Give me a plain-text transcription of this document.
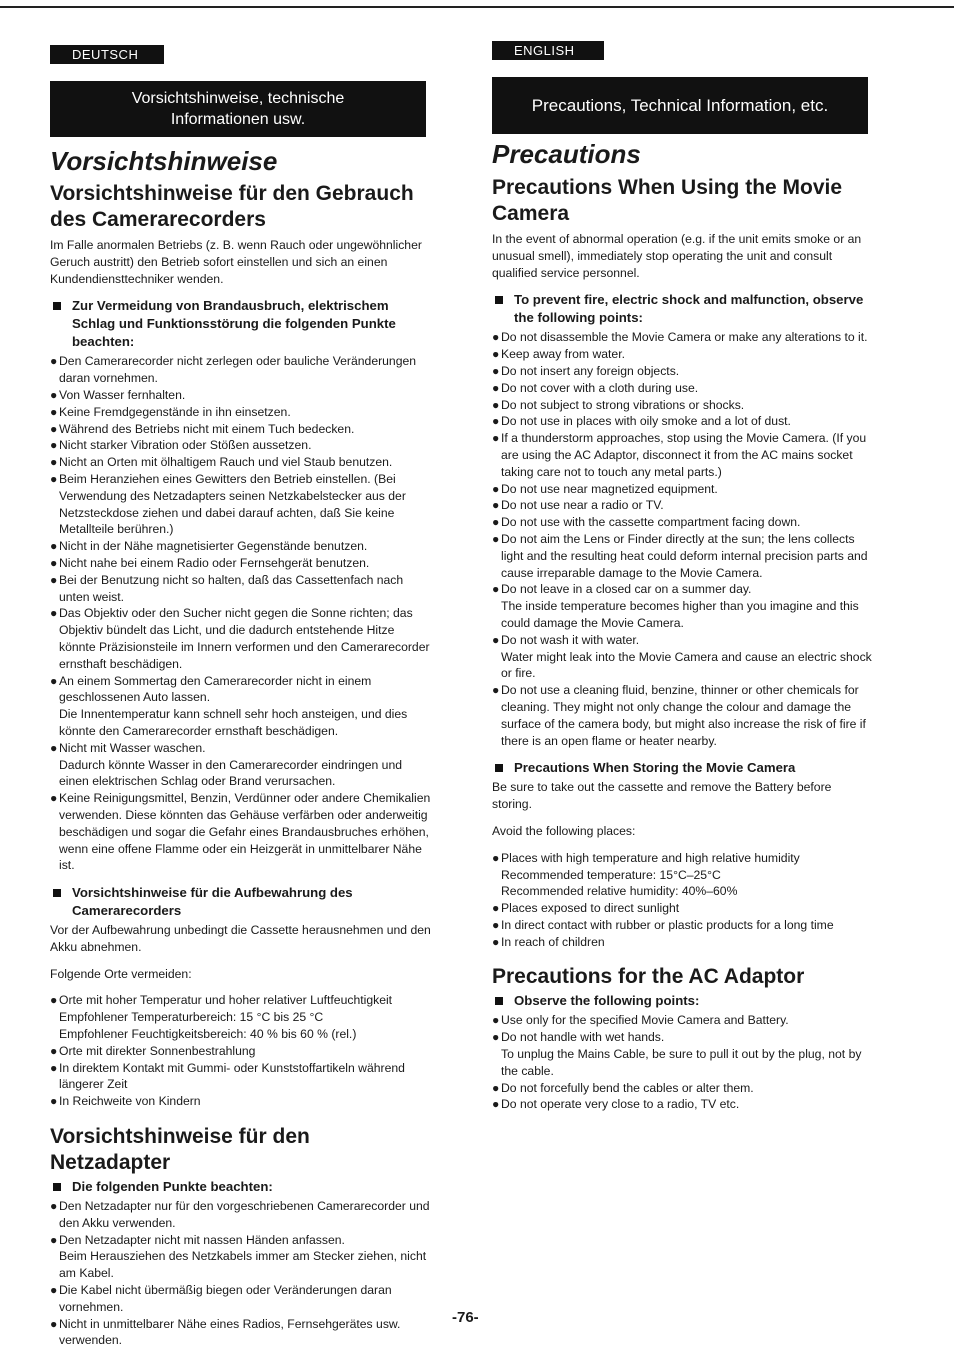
DEUTSCH
Vorsichtshinweise, technische
Informationen usw.
Vorsichtshinweise
Vorsichtshinweise für den Gebrauch des Camerarecorders

Im Falle anormalen Betriebs (z. B. wenn Rauch oder ungewöhnlicher Geruch austritt) den Betrieb sofort einstellen und sich an einen Kundendiensttechniker wenden.

Zur Vermeidung von Brandausbruch, elektrischem Schlag und Funktionsstörung die folgenden Punkte beachten:
● Den Camerarecorder nicht zerlegen oder bauliche Veränderungen daran vornehmen.
● Von Wasser fernhalten.
● Keine Fremdgegenstände in ihn einsetzen.
● Während des Betriebs nicht mit einem Tuch bedecken.
● Nicht starker Vibration oder Stößen aussetzen.
● Nicht an Orten mit ölhaltigem Rauch und viel Staub benutzen.
● Beim Heranziehen eines Gewitters den Betrieb einstellen. (Bei Verwendung des Netzadapters seinen Netzkabelstecker aus der Netzsteckdose ziehen und dabei darauf achten, daß Sie keine Metallteile berühren.)
● Nicht in der Nähe magnetisierter Gegenstände benutzen.
● Nicht nahe bei einem Radio oder Fernsehgerät benutzen.
● Bei der Benutzung nicht so halten, daß das Cassettenfach nach unten weist.
● Das Objektiv oder den Sucher nicht gegen die Sonne richten; das Objektiv bündelt das Licht, und die dadurch entstehende Hitze könnte Präzisionsteile im Innern verformen und den Camerarecorder ernsthaft beschädigen.
● An einem Sommertag den Camerarecorder nicht in einem geschlossenen Auto lassen.
Die Innentemperatur kann schnell sehr hoch ansteigen, und dies könnte den Camerarecorder ernsthaft beschädigen.
● Nicht mit Wasser waschen.
Dadurch könnte Wasser in den Camerarecorder eindringen und einen elektrischen Schlag oder Brand verursachen.
● Keine Reinigungsmittel, Benzin, Verdünner oder andere Chemikalien verwenden. Diese könnten das Gehäuse verfärben oder anderweitig beschädigen und sogar die Gefahr eines Brandausbruches erhöhen, wenn eine offene Flamme oder ein Heizgerät in unmittelbarer Nähe ist.
Vorsichtshinweise für die Aufbewahrung des Camerarecorders

Vor der Aufbewahrung unbedingt die Cassette herausnehmen und den Akku abnehmen.

Folgende Orte vermeiden:

● Orte mit hoher Temperatur und hoher relativer Luftfeuchtigkeit
Empfohlener Temperaturbereich: 15 °C bis 25 °C
Empfohlener Feuchtigkeitsbereich: 40 % bis 60 % (rel.)
● Orte mit direkter Sonnenbestrahlung
● In direktem Kontakt mit Gummi- oder Kunststoffartikeln während längerer Zeit
● In Reichweite von Kindern
Vorsichtshinweise für den Netzadapter
Die folgenden Punkte beachten:
● Den Netzadapter nur für den vorgeschriebenen Camerarecorder und den Akku verwenden.
● Den Netzadapter nicht mit nassen Händen anfassen.
Beim Herausziehen des Netzkabels immer am Stecker ziehen, nicht am Kabel.
● Die Kabel nicht übermäßig biegen oder Veränderungen daran vornehmen.
● Nicht in unmittelbarer Nähe eines Radios, Fernsehgerätes usw. verwenden.
ENGLISH
Precautions, Technical Information, etc.
Precautions
Precautions When Using the Movie Camera

In the event of abnormal operation (e.g. if the unit emits smoke or an unusual smell), immediately stop operating the unit and consult qualified service personnel.

To prevent fire, electric shock and malfunction, observe the following points:
● Do not disassemble the Movie Camera or make any alterations to it.
● Keep away from water.
● Do not insert any foreign objects.
● Do not cover with a cloth during use.
● Do not subject to strong vibrations or shocks.
● Do not use in places with oily smoke and a lot of dust.
● If a thunderstorm approaches, stop using the Movie Camera. (If you are using the AC Adaptor, disconnect it from the AC mains socket taking care not to touch any metal parts.)
● Do not use near magnetized equipment.
● Do not use near a radio or TV.
● Do not use with the cassette compartment facing down.
● Do not aim the Lens or Finder directly at the sun; the lens collects light and the resulting heat could deform internal precision parts and cause irreparable damage to the Movie Camera.
● Do not leave in a closed car on a summer day.
The inside temperature becomes higher than you imagine and this could damage the Movie Camera.
● Do not wash it with water.
Water might leak into the Movie Camera and cause an electric shock or fire.
● Do not use a cleaning fluid, benzine, thinner or other chemicals for cleaning. They might not only change the colour and damage the surface of the camera body, but might also increase the risk of fire if there is an open flame or heater nearby.
Precautions When Storing the Movie Camera

Be sure to take out the cassette and remove the Battery before storing.

Avoid the following places:

● Places with high temperature and high relative humidity
Recommended temperature: 15°C–25°C
Recommended relative humidity: 40%–60%
● Places exposed to direct sunlight
● In direct contact with rubber or plastic products for a long time
● In reach of children
Precautions for the AC Adaptor
Observe the following points:
● Use only for the specified Movie Camera and Battery.
● Do not handle with wet hands.
To unplug the Mains Cable, be sure to pull it out by the plug, not by the cable.
● Do not forcefully bend the cables or alter them.
● Do not operate very close to a radio, TV etc.
-76-
